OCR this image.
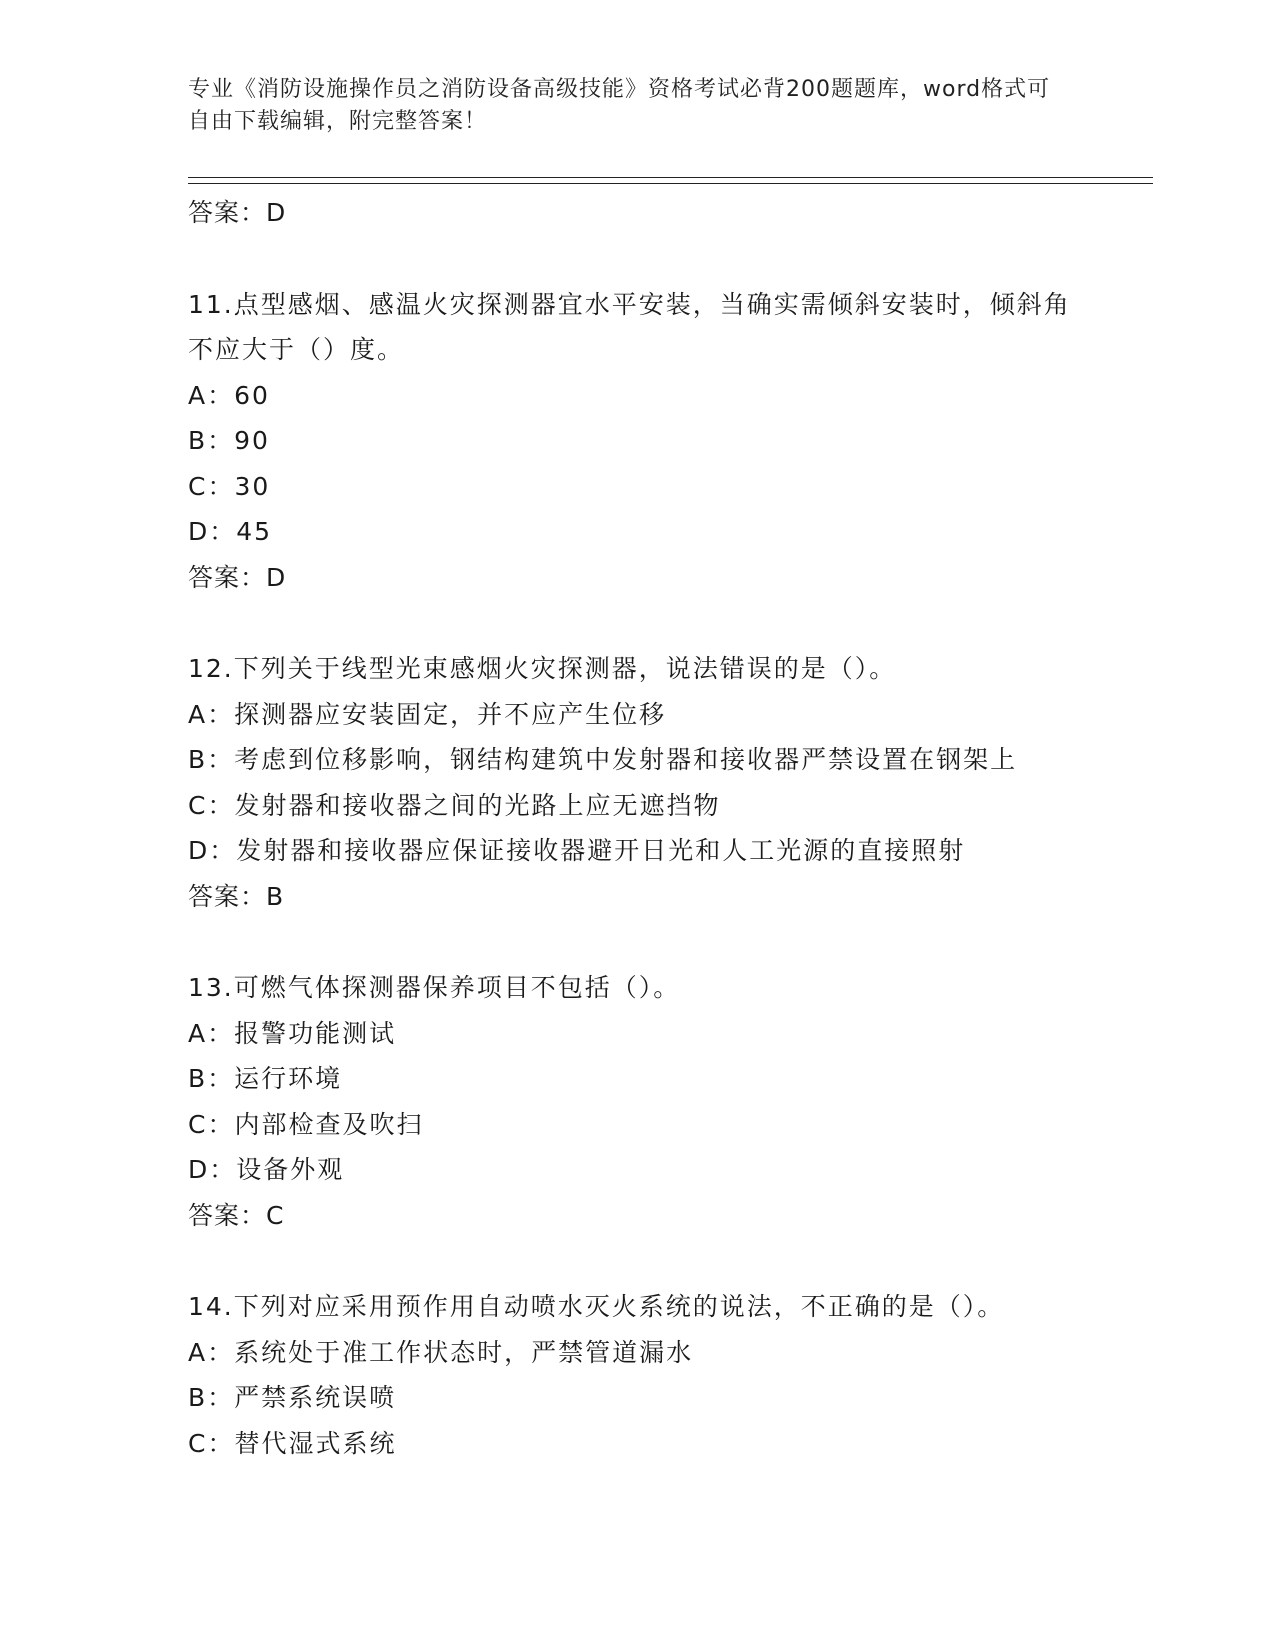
专业《消防设施操作员之消防设备高级技能》资格考试必背200题题库，word格式可自由下载编辑，附完整答案！
答案：D
11.点型感烟、感温火灾探测器宜水平安装，当确实需倾斜安装时，倾斜角不应大于（）度。
A：60
B：90
C：30
D：45
答案：D
12.下列关于线型光束感烟火灾探测器，说法错误的是（）。
A：探测器应安装固定，并不应产生位移
B：考虑到位移影响，钢结构建筑中发射器和接收器严禁设置在钢架上
C：发射器和接收器之间的光路上应无遮挡物
D：发射器和接收器应保证接收器避开日光和人工光源的直接照射
答案：B
13.可燃气体探测器保养项目不包括（）。
A：报警功能测试
B：运行环境
C：内部检查及吹扫
D：设备外观
答案：C
14.下列对应采用预作用自动喷水灭火系统的说法，不正确的是（）。
A：系统处于准工作状态时，严禁管道漏水
B：严禁系统误喷
C：替代湿式系统
